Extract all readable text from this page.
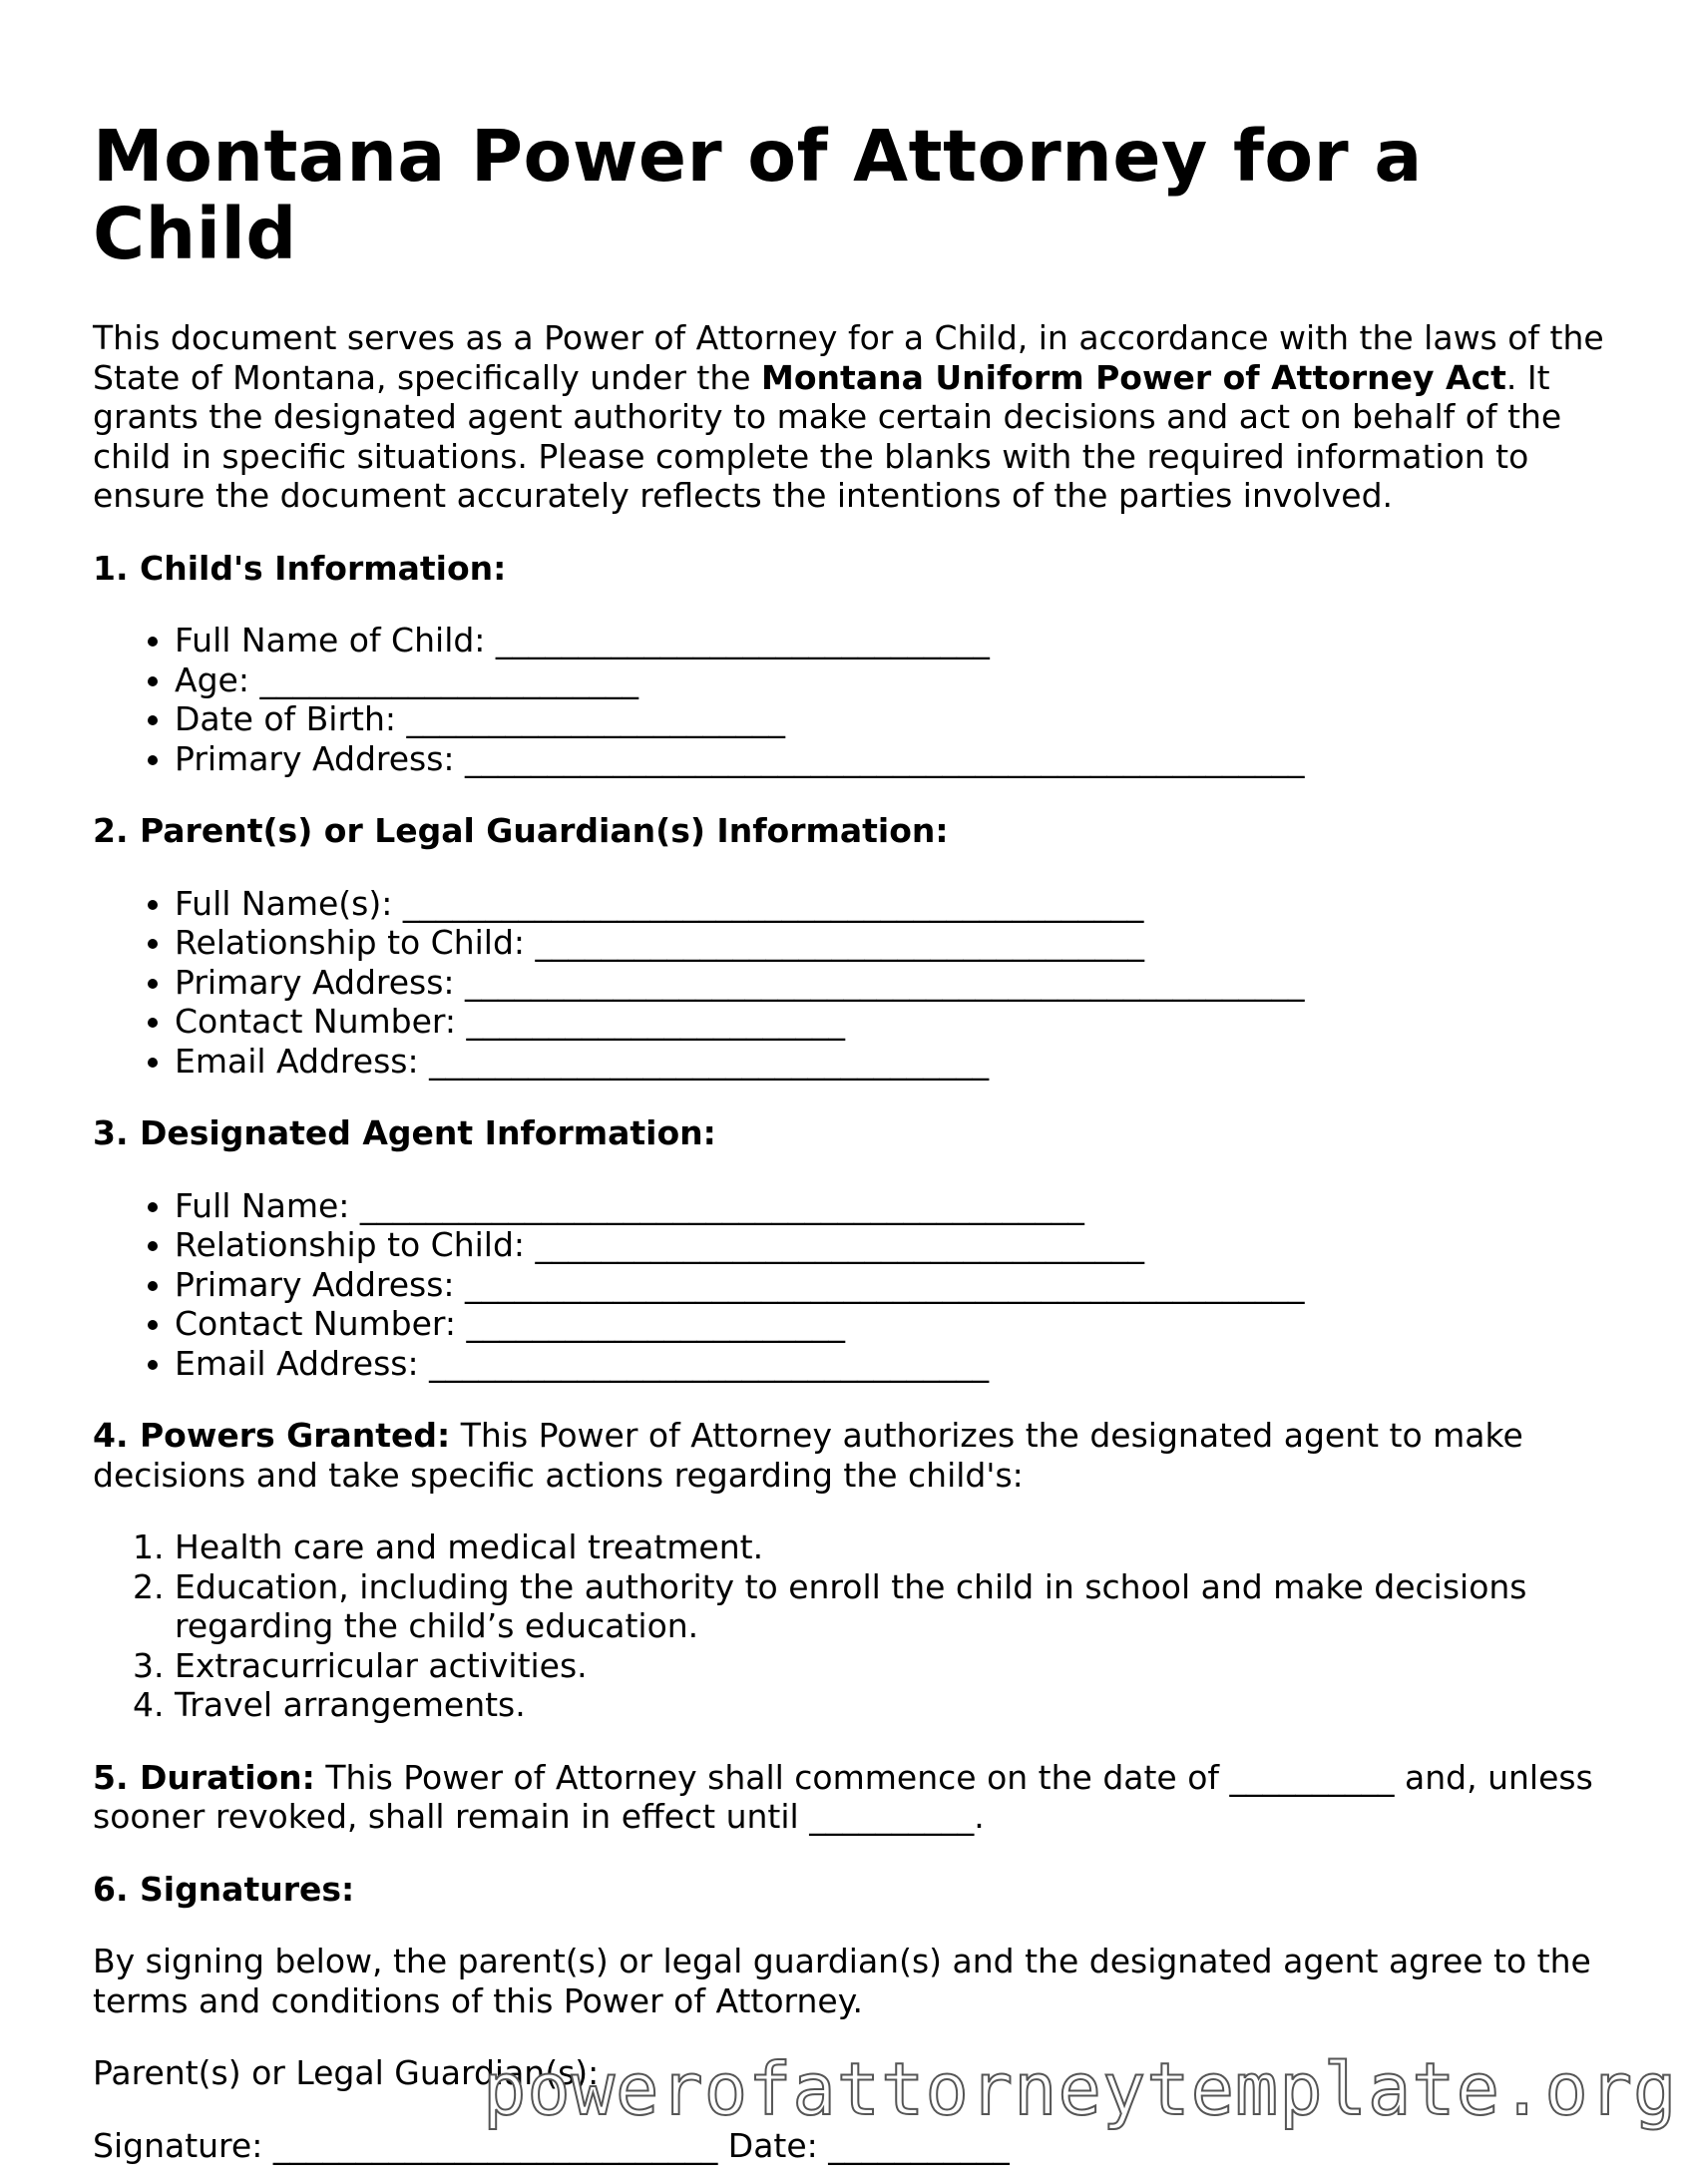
Montana Power of Attorney for a Child

This document serves as a Power of Attorney for a Child, in accordance with the laws of the State of Montana, specifically under the Montana Uniform Power of Attorney Act. It grants the designated agent authority to make certain decisions and act on behalf of the child in specific situations. Please complete the blanks with the required information to ensure the document accurately reflects the intentions of the parties involved.

1. Child's Information:
• Full Name of Child: ______________________________
• Age: _______________________
• Date of Birth: _______________________
• Primary Address: ___________________________________________________
2. Parent(s) or Legal Guardian(s) Information:
• Full Name(s): _____________________________________________
• Relationship to Child: _____________________________________
• Primary Address: ___________________________________________________
• Contact Number: _______________________
• Email Address: __________________________________
3. Designated Agent Information:
• Full Name: ____________________________________________
• Relationship to Child: _____________________________________
• Primary Address: ___________________________________________________
• Contact Number: _______________________
• Email Address: __________________________________

4. Powers Granted: This Power of Attorney authorizes the designated agent to make decisions and take specific actions regarding the child's:

1. Health care and medical treatment.
2. Education, including the authority to enroll the child in school and make decisions regarding the child’s education.
3. Extracurricular activities.
4. Travel arrangements.

5. Duration: This Power of Attorney shall commence on the date of __________ and, unless sooner revoked, shall remain in effect until __________.

6. Signatures:

By signing below, the parent(s) or legal guardian(s) and the designated agent agree to the terms and conditions of this Power of Attorney.

Parent(s) or Legal Guardian(s):

Signature: ___________________________ Date: ___________

powerofattorneytemplate.org
